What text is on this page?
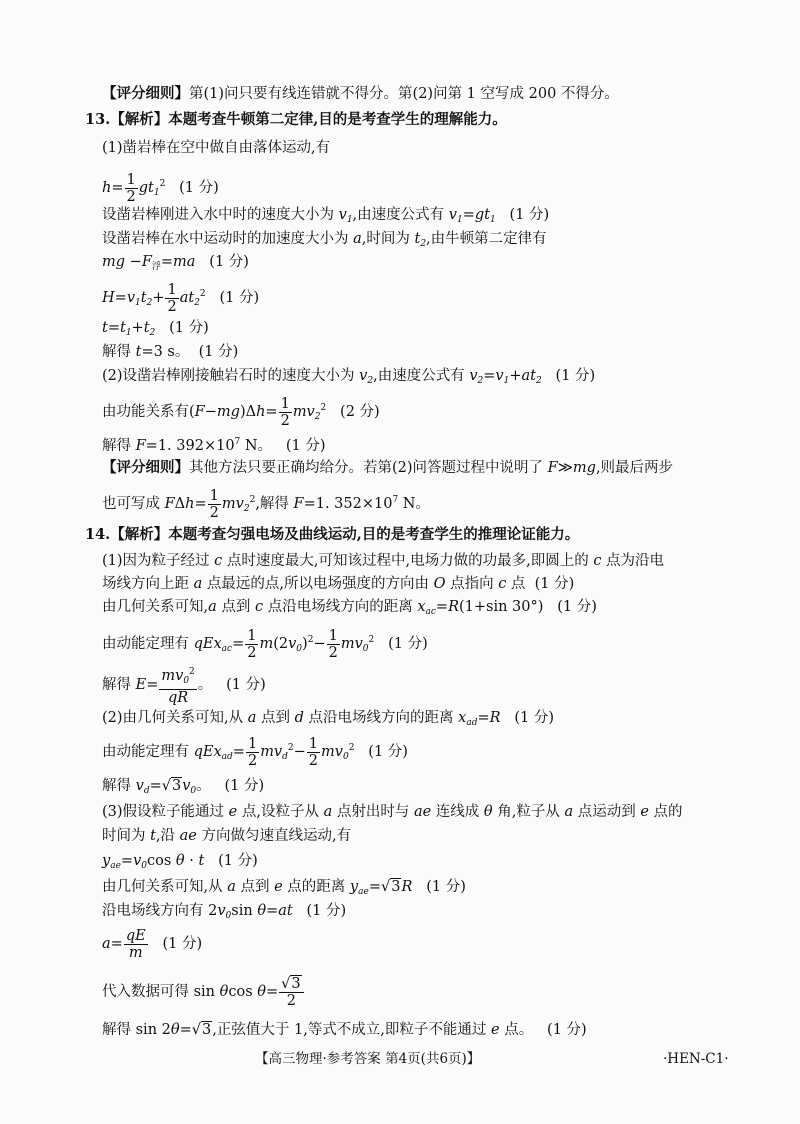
【评分细则】第(1)问只要有线连错就不得分。第(2)问第 1 空写成 200 不得分。
13.【解析】本题考查牛顿第二定律,目的是考查学生的理解能力。
(1)凿岩棒在空中做自由落体运动,有
$h= \frac{1}{2} gt_1^2$   (1 分)
设凿岩棒刚进入水中时的速度大小为 $v_1$,由速度公式有 $v_1=gt_1$   (1 分)
设凿岩棒在水中运动时的加速度大小为 a,时间为 $t_2$,由牛顿第二定律有
mg $-F_浮=ma$   (1 分)
$H=v_1t_2+ \frac{1}{2} at_2^2$   (1 分)
$t=t_1+t_2$   (1 分)
解得 t=3 s。  (1 分)
(2)设凿岩棒刚接触岩石时的速度大小为 $v_2$,由速度公式有 $v_2=v_1+at_2$   (1 分)
由功能关系有$(F-mg)\Delta h= \frac{1}{2} mv_2^2$   (2 分)
解得 F=1. $392\times 10^7$ N。   (1 分)
【评分细则】其他方法只要正确均给分。若第(2)问答题过程中说明了 F≫mg,则最后两步
也可写成 $F\Delta h= \frac{1}{2} mv_2^2$,解得 F=1. $352\times 10^7$ N。
14.【解析】本题考查匀强电场及曲线运动,目的是考查学生的推理论证能力。
(1)因为粒子经过 c 点时速度最大,可知该过程中,电场力做的功最多,即圆上的 c 点为沿电
场线方向上距 a 点最远的点,所以电场强度的方向由 O 点指向 c 点  (1 分)
由几何关系可知,a 点到 c 点沿电场线方向的距离 $x_{ac}=R(1+\sin$ 30°)   (1 分)
由动能定理有 $qEx_{ac}= \frac{1}{2} m(2v_0)^2- \frac{1}{2} mv_0^2$   (1 分)
解得 $E= \frac{mv_0^2}{qR}$ 。   (1 分)
(2)由几何关系可知,从 a 点到 d 点沿电场线方向的距离 $x_{ad}=R$   (1 分)
由动能定理有 $qEx_{ad}= \frac{1}{2} mv_d^2- \frac{1}{2} mv_0^2$   (1 分)
解得 $v_d=√3v_0$。   (1 分)
(3)假设粒子能通过 e 点,设粒子从 a 点射出时与 ae 连线成 θ 角,粒子从 a 点运动到 e 点的
时间为 t,沿 ae 方向做匀速直线运动,有
$y_{ae}=v_0\cos$ θ · t   (1 分)
由几何关系可知,从 a 点到 e 点的距离 $y_{ae}=√3R$   (1 分)
沿电场线方向有 $2v_0\sin$ θ=at   (1 分)
$a= \frac{qE}{m} (1$ 分)
代入数据可得 sin θcos $\theta= \frac{√3}{2}$
解得 sin 2θ=√3,正弦值大于 1,等式不成立,即粒子不能通过 e 点。   (1 分)
【高三物理·参考答案 第4页(共6页)】	·HEN-C1·
